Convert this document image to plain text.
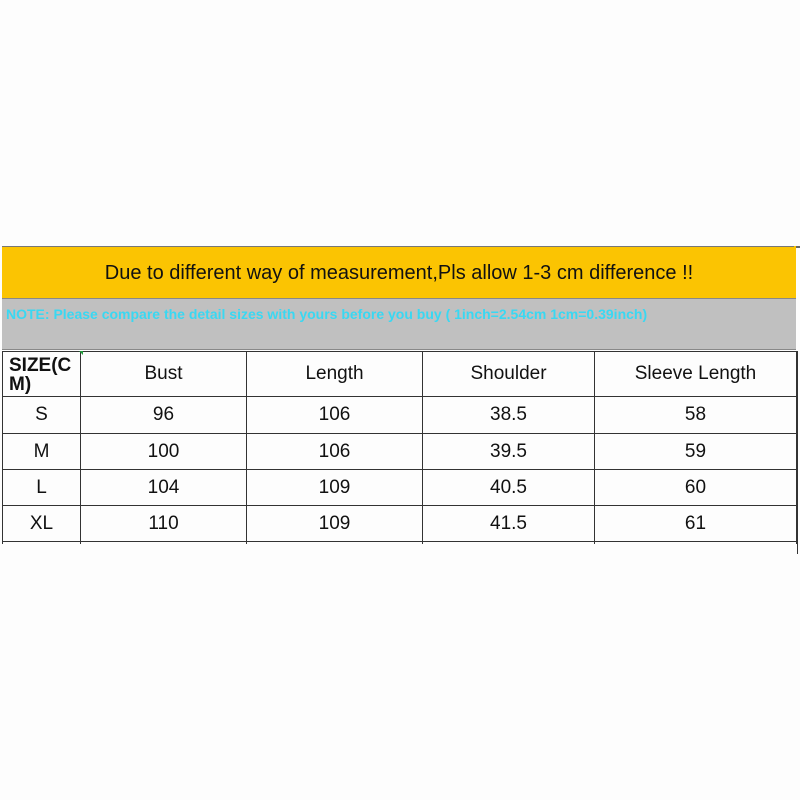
Due to different way of measurement,Pls allow 1-3 cm difference !!
NOTE: Please compare the detail sizes with yours before you buy ( 1inch=2.54cm 1cm=0.39inch)
SIZE(CM)	Bust	Length	Shoulder	Sleeve Length
S	96	106	38.5	58
M	100	106	39.5	59
L	104	109	40.5	60
XL	110	109	41.5	61
